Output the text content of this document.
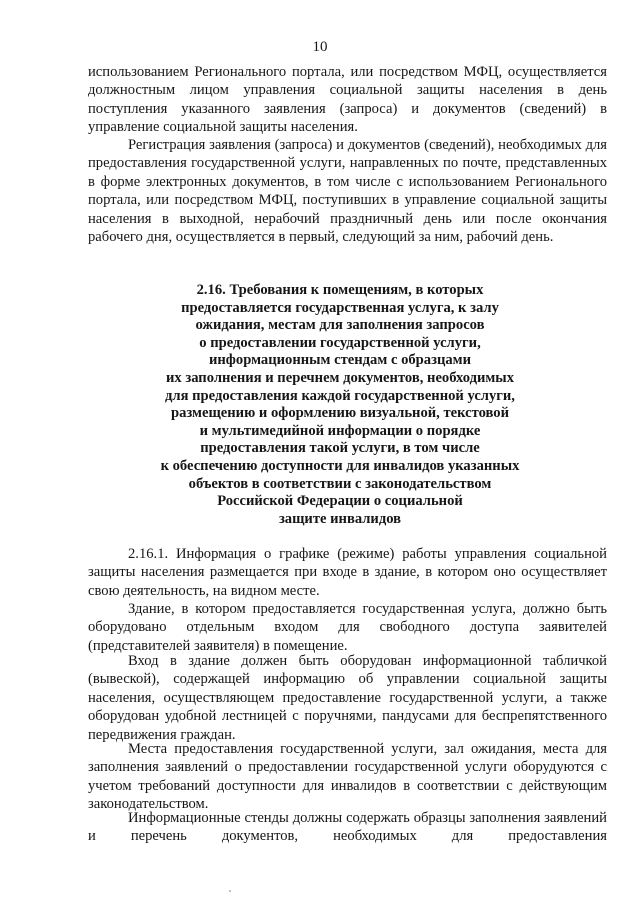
10

использованием Регионального портала, или посредством МФЦ, осуществляется должностным лицом управления социальной защиты населения в день поступления указанного заявления (запроса) и документов (сведений) в управление социальной защиты населения.

Регистрация заявления (запроса) и документов (сведений), необходимых для предоставления государственной услуги, направленных по почте, представленных в форме электронных документов, в том числе с использованием Регионального портала, или посредством МФЦ, поступивших в управление социальной защиты населения в выходной, нерабочий праздничный день или после окончания рабочего дня, осуществляется в первый, следующий за ним, рабочий день.

2.16. Требования к помещениям, в которых
предоставляется государственная услуга, к залу
ожидания, местам для заполнения запросов
о предоставлении государственной услуги,
информационным стендам с образцами
их заполнения и перечнем документов, необходимых
для предоставления каждой государственной услуги,
размещению и оформлению визуальной, текстовой
и мультимедийной информации о порядке
предоставления такой услуги, в том числе
к обеспечению доступности для инвалидов указанных
объектов в соответствии с законодательством
Российской Федерации о социальной
защите инвалидов

2.16.1. Информация о графике (режиме) работы управления социальной защиты населения размещается при входе в здание, в котором оно осуществляет свою деятельность, на видном месте.

Здание, в котором предоставляется государственная услуга, должно быть оборудовано отдельным входом для свободного доступа заявителей (представителей заявителя) в помещение.

Вход в здание должен быть оборудован информационной табличкой (вывеской), содержащей информацию об управлении социальной защиты населения, осуществляющем предоставление государственной услуги, а также оборудован удобной лестницей с поручнями, пандусами для беспрепятственного передвижения граждан.

Места предоставления государственной услуги, зал ожидания, места для заполнения заявлений о предоставлении государственной услуги оборудуются с учетом требований доступности для инвалидов в соответствии с действующим законодательством.

Информационные стенды должны содержать образцы заполнения заявлений и перечень документов, необходимых для предоставления
